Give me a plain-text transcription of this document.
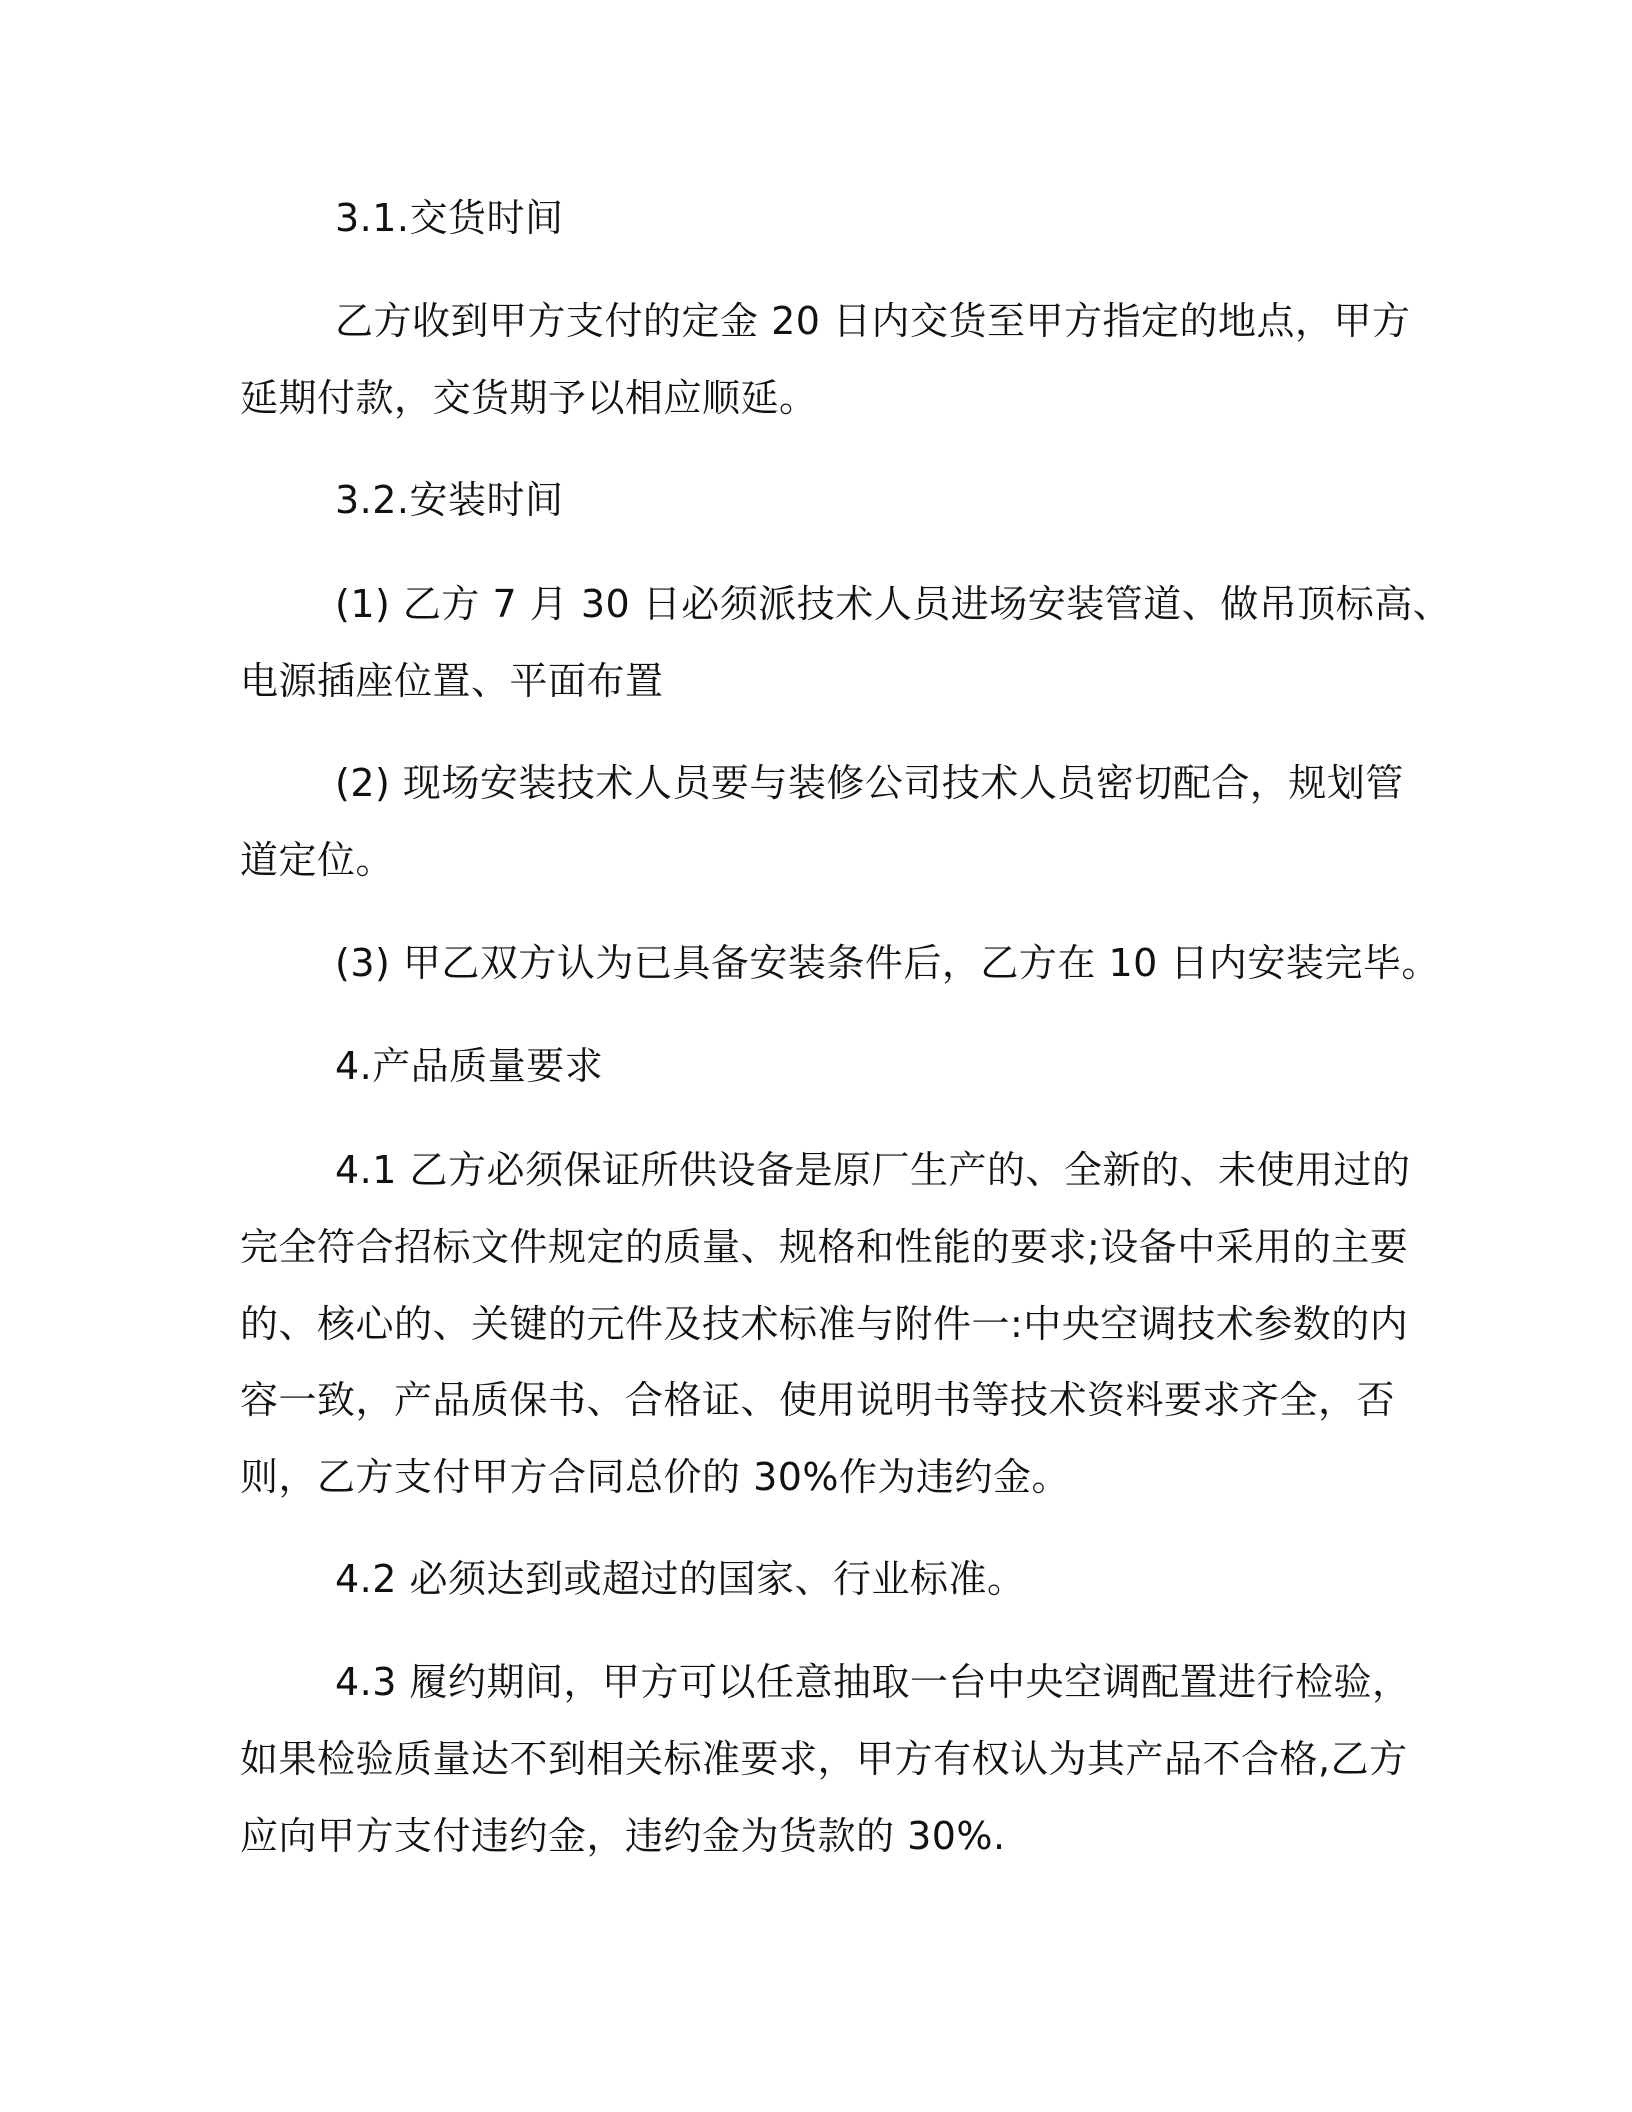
3.1.交货时间

乙方收到甲方支付的定金 20 日内交货至甲方指定的地点，甲方

延期付款，交货期予以相应顺延。

3.2.安装时间

(1) 乙方 7 月 30 日必须派技术人员进场安装管道、做吊顶标高、

电源插座位置、平面布置

(2) 现场安装技术人员要与装修公司技术人员密切配合，规划管

道定位。

(3) 甲乙双方认为已具备安装条件后，乙方在 10 日内安装完毕。

4.产品质量要求

4.1 乙方必须保证所供设备是原厂生产的、全新的、未使用过的

完全符合招标文件规定的质量、规格和性能的要求;设备中采用的主要

的、核心的、关键的元件及技术标准与附件一:中央空调技术参数的内

容一致，产品质保书、合格证、使用说明书等技术资料要求齐全，否

则，乙方支付甲方合同总价的 30%作为违约金。

4.2 必须达到或超过的国家、行业标准。

4.3 履约期间，甲方可以任意抽取一台中央空调配置进行检验，

如果检验质量达不到相关标准要求，甲方有权认为其产品不合格,乙方

应向甲方支付违约金，违约金为货款的 30%.
